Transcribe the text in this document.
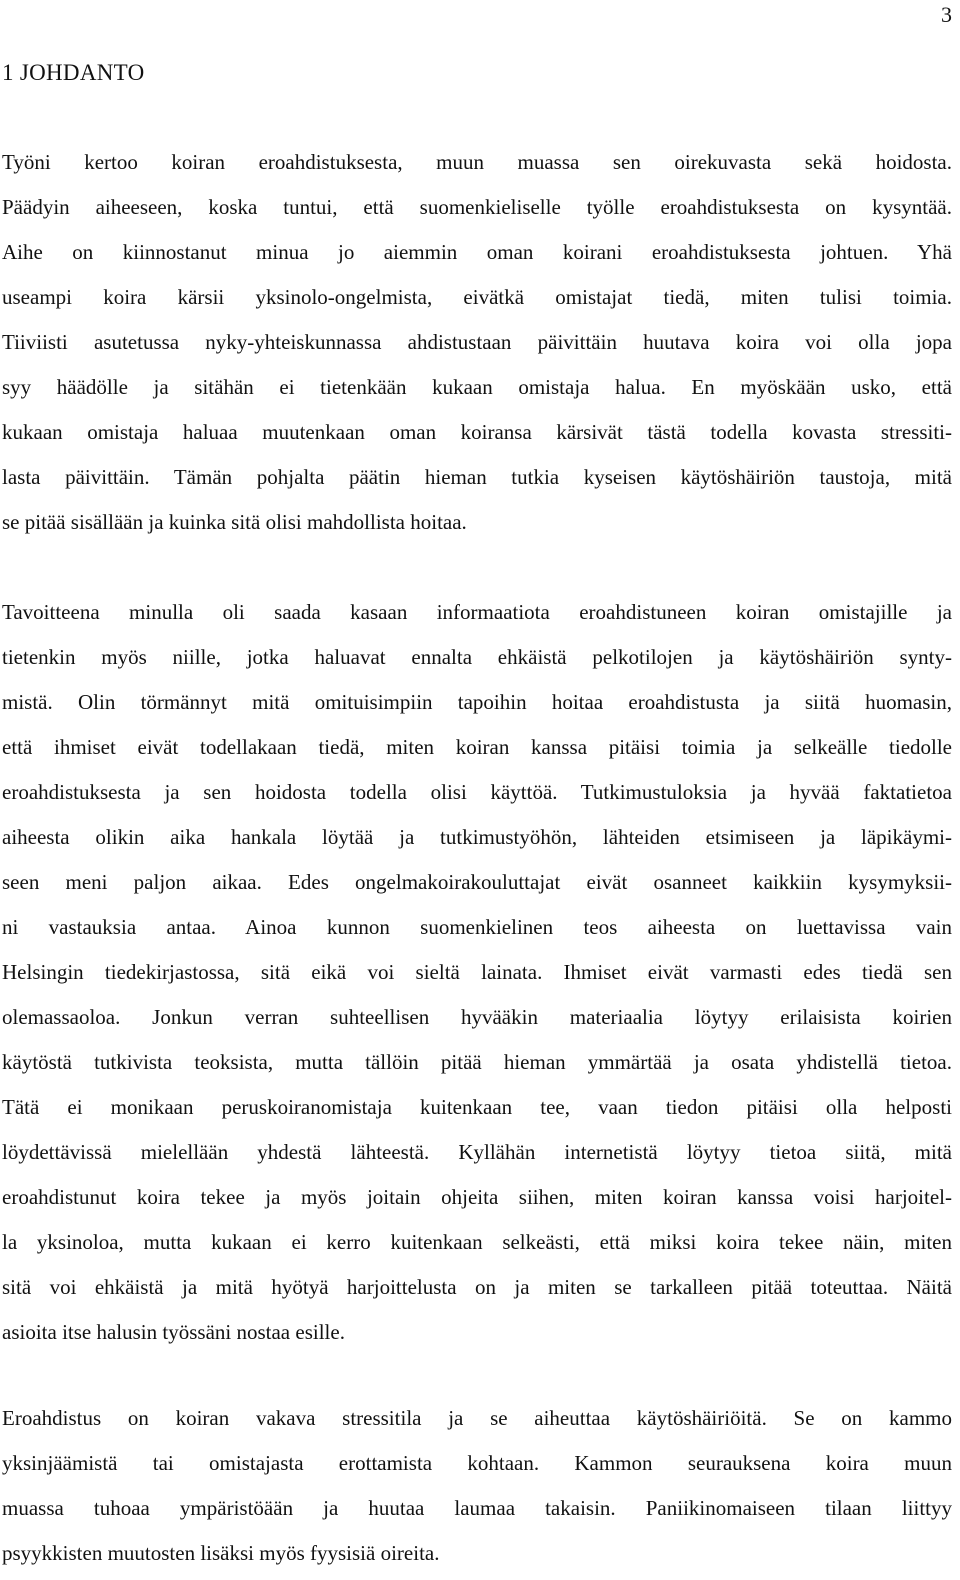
3
1 JOHDANTO
Työni kertoo koiran eroahdistuksesta, muun muassa sen oirekuvasta sekä hoidosta.
Päädyin aiheeseen, koska tuntui, että suomenkieliselle työlle eroahdistuksesta on kysyntää.
Aihe on kiinnostanut minua jo aiemmin oman koirani eroahdistuksesta johtuen. Yhä
useampi koira kärsii yksinolo-ongelmista, eivätkä omistajat tiedä, miten tulisi toimia.
Tiiviisti asutetussa nyky-yhteiskunnassa ahdistustaan päivittäin huutava koira voi olla jopa
syy häädölle ja sitähän ei tietenkään kukaan omistaja halua. En myöskään usko, että
kukaan omistaja haluaa muutenkaan oman koiransa kärsivät tästä todella kovasta stressiti-
lasta päivittäin. Tämän pohjalta päätin hieman tutkia kyseisen käytöshäiriön taustoja, mitä
se pitää sisällään ja kuinka sitä olisi mahdollista hoitaa.
Tavoitteena minulla oli saada kasaan informaatiota eroahdistuneen koiran omistajille ja
tietenkin myös niille, jotka haluavat ennalta ehkäistä pelkotilojen ja käytöshäiriön synty-
mistä. Olin törmännyt mitä omituisimpiin tapoihin hoitaa eroahdistusta ja siitä huomasin,
että ihmiset eivät todellakaan tiedä, miten koiran kanssa pitäisi toimia ja selkeälle tiedolle
eroahdistuksesta ja sen hoidosta todella olisi käyttöä. Tutkimustuloksia ja hyvää faktatietoa
aiheesta olikin aika hankala löytää ja tutkimustyöhön, lähteiden etsimiseen ja läpikäymi-
seen meni paljon aikaa. Edes ongelmakoirakouluttajat eivät osanneet kaikkiin kysymyksii-
ni vastauksia antaa. Ainoa kunnon suomenkielinen teos aiheesta on luettavissa vain
Helsingin tiedekirjastossa, sitä eikä voi sieltä lainata. Ihmiset eivät varmasti edes tiedä sen
olemassaoloa. Jonkun verran suhteellisen hyvääkin materiaalia löytyy erilaisista koirien
käytöstä tutkivista teoksista, mutta tällöin pitää hieman ymmärtää ja osata yhdistellä tietoa.
Tätä ei monikaan peruskoiranomistaja kuitenkaan tee, vaan tiedon pitäisi olla helposti
löydettävissä mielellään yhdestä lähteestä. Kyllähän internetistä löytyy tietoa siitä, mitä
eroahdistunut koira tekee ja myös joitain ohjeita siihen, miten koiran kanssa voisi harjoitel-
la yksinoloa, mutta kukaan ei kerro kuitenkaan selkeästi, että miksi koira tekee näin, miten
sitä voi ehkäistä ja mitä hyötyä harjoittelusta on ja miten se tarkalleen pitää toteuttaa. Näitä
asioita itse halusin työssäni nostaa esille.
Eroahdistus on koiran vakava stressitila ja se aiheuttaa käytöshäiriöitä. Se on kammo
yksinjäämistä tai omistajasta erottamista kohtaan. Kammon seurauksena koira muun
muassa tuhoaa ympäristöään ja huutaa laumaa takaisin. Paniikinomaiseen tilaan liittyy
psyykkisten muutosten lisäksi myös fyysisiä oireita.
